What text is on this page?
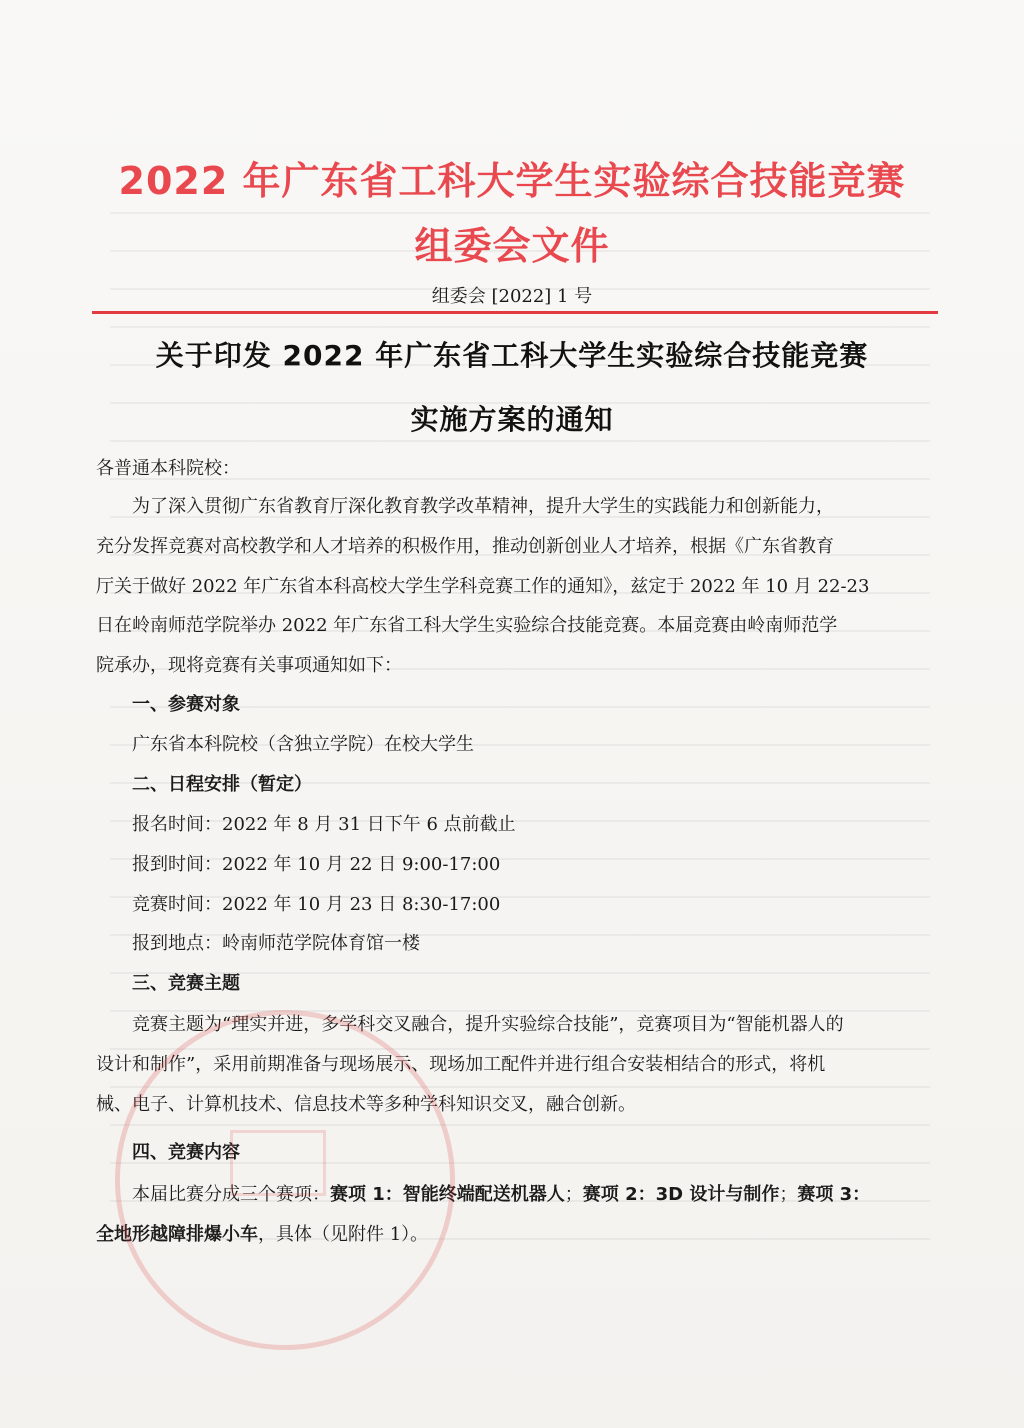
2022 年广东省工科大学生实验综合技能竞赛
组委会文件
组委会 [2022] 1 号
关于印发 2022 年广东省工科大学生实验综合技能竞赛
实施方案的通知
各普通本科院校：
为了深入贯彻广东省教育厅深化教育教学改革精神，提升大学生的实践能力和创新能力，
充分发挥竞赛对高校教学和人才培养的积极作用，推动创新创业人才培养，根据《广东省教育
厅关于做好 2022 年广东省本科高校大学生学科竞赛工作的通知》，兹定于 2022 年 10 月 22-23
日在岭南师范学院举办 2022 年广东省工科大学生实验综合技能竞赛。本届竞赛由岭南师范学
院承办，现将竞赛有关事项通知如下：
一、参赛对象
广东省本科院校（含独立学院）在校大学生
二、日程安排（暂定）
报名时间：2022 年 8 月 31 日下午 6 点前截止
报到时间：2022 年 10 月 22 日 9:00-17:00
竞赛时间：2022 年 10 月 23 日 8:30-17:00
报到地点：岭南师范学院体育馆一楼
三、竞赛主题
竞赛主题为“理实并进，多学科交叉融合，提升实验综合技能”，竞赛项目为“智能机器人的
设计和制作”，采用前期准备与现场展示、现场加工配件并进行组合安装相结合的形式，将机
械、电子、计算机技术、信息技术等多种学科知识交叉，融合创新。
四、竞赛内容
本届比赛分成三个赛项：赛项 1：智能终端配送机器人；赛项 2：3D 设计与制作；赛项 3：
全地形越障排爆小车，具体（见附件 1）。
